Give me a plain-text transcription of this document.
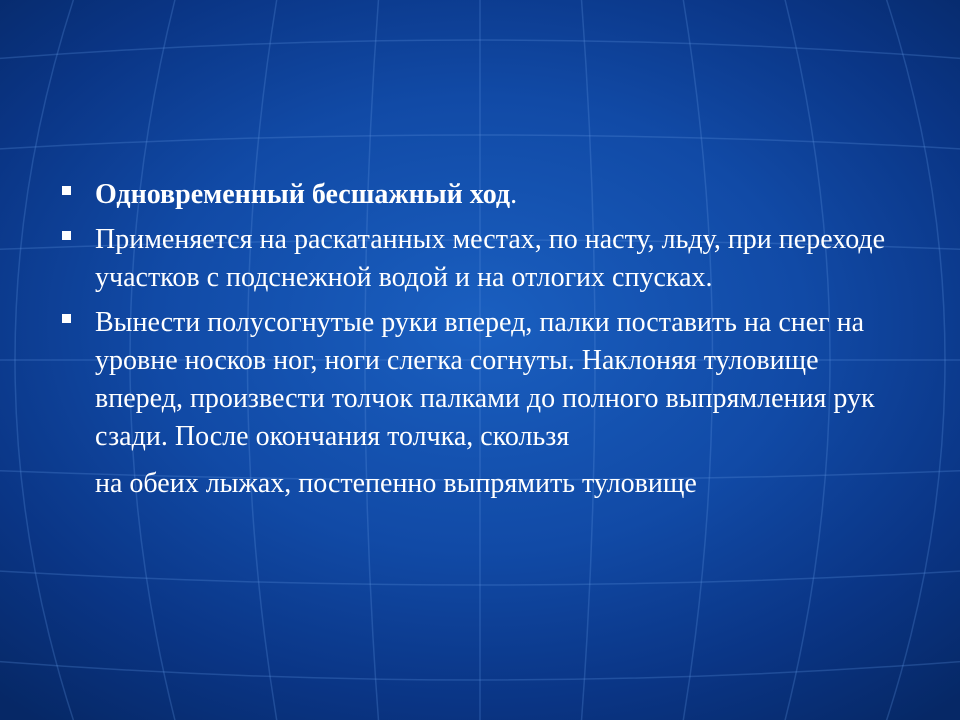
Одновременный бесшажный ход.
Применяется на раскатанных местах, по насту, льду, при переходе участков с подснежной водой и на отлогих спусках.
Вынести полусогнутые руки вперед, палки поставить на снег на уровне носков ног, ноги слегка согнуты. Наклоняя туловище вперед, произвести толчок палками до полного выпрямления рук сзади. После окончания толчка, скользя
на обеих лыжах, постепенно выпрямить туловище
